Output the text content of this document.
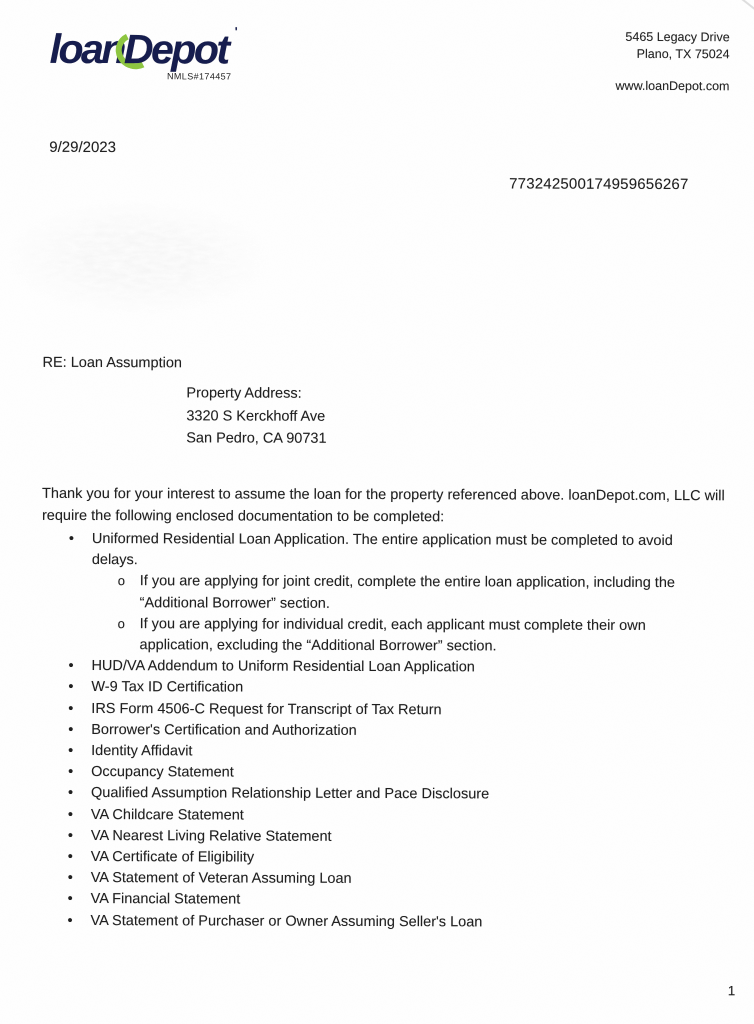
loan
Depot '
NMLS#174457
5465 Legacy Drive
Plano, TX 75024
www.loanDepot.com
9/29/2023
773242500174959656267
RE: Loan Assumption
Property Address:
3320 S Kerckhoff Ave
San Pedro, CA 90731

Thank you for your interest to assume the loan for the property referenced above. loanDepot.com, LLC will require the following enclosed documentation to be completed:

• Uniformed Residential Loan Application. The entire application must be completed to avoid delays.
o If you are applying for joint credit, complete the entire loan application, including the “Additional Borrower” section.
o If you are applying for individual credit, each applicant must complete their own application, excluding the “Additional Borrower” section.
• HUD/VA Addendum to Uniform Residential Loan Application
• W-9 Tax ID Certification
• IRS Form 4506-C Request for Transcript of Tax Return
• Borrower's Certification and Authorization
• Identity Affidavit
• Occupancy Statement
• Qualified Assumption Relationship Letter and Pace Disclosure
• VA Childcare Statement
• VA Nearest Living Relative Statement
• VA Certificate of Eligibility
• VA Statement of Veteran Assuming Loan
• VA Financial Statement
• VA Statement of Purchaser or Owner Assuming Seller's Loan
1
